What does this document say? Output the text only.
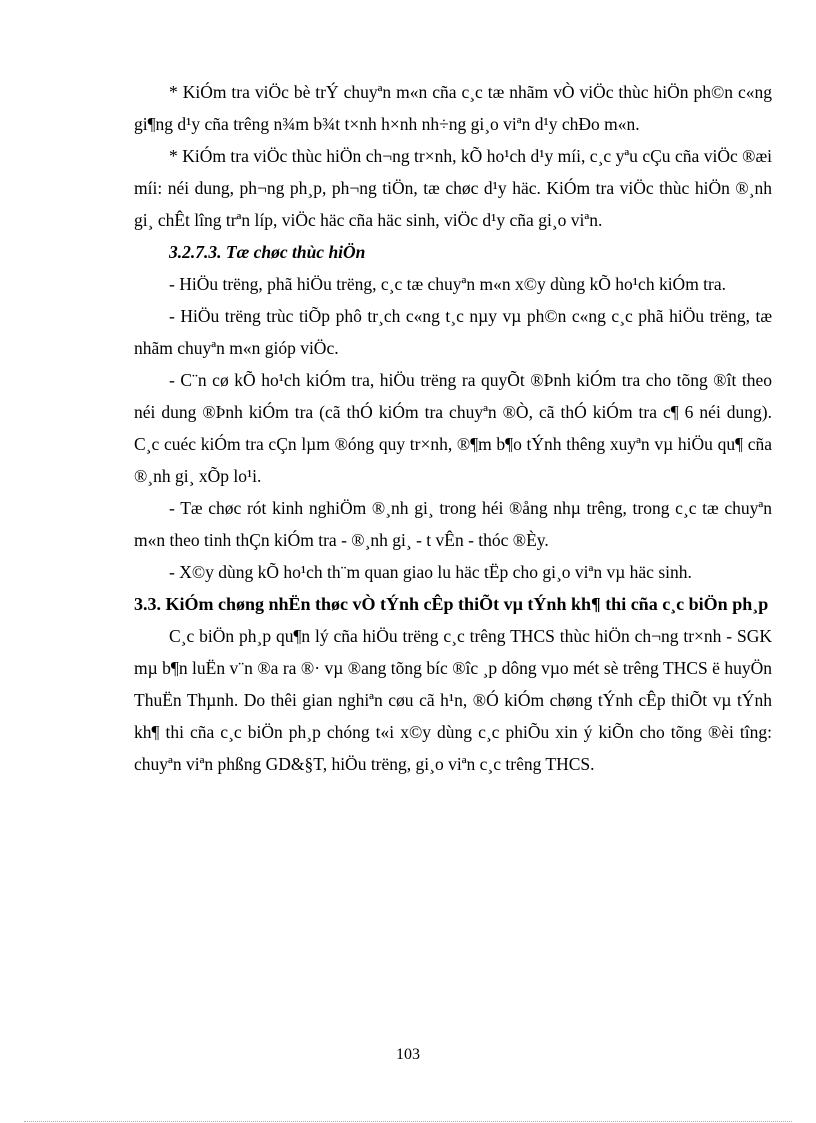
* KiÓm tra viÖc bè trÝ chuyªn m«n cña c¸c tæ nhãm vÒ viÖc thùc hiÖn ph©n c«ng gi¶ng d¹y cña trêng n¾m b¾t t×nh h×nh nh÷ng gi¸o viªn d¹y chÐo m«n.

* KiÓm tra viÖc thùc hiÖn ch¬ng tr×nh, kÕ ho¹ch d¹y míi, c¸c yªu cÇu cña viÖc ®æi míi: néi dung, ph¬ng ph¸p, ph¬ng tiÖn, tæ chøc d¹y häc. KiÓm tra viÖc thùc hiÖn ®¸nh gi¸ chÊt lîng trªn líp, viÖc häc cña häc sinh, viÖc d¹y cña gi¸o viªn.

3.2.7.3. Tæ chøc thùc hiÖn

- HiÖu trëng, phã hiÖu trëng, c¸c tæ chuyªn m«n x©y dùng kÕ ho¹ch kiÓm tra.

- HiÖu trëng trùc tiÕp phô tr¸ch c«ng t¸c nµy vµ ph©n c«ng c¸c phã hiÖu trëng, tæ nhãm chuyªn m«n gióp viÖc.

- C¨n cø kÕ ho¹ch kiÓm tra, hiÖu trëng ra quyÕt ®Þnh kiÓm tra cho tõng ®ît theo néi dung ®Þnh kiÓm tra (cã thÓ kiÓm tra chuyªn ®Ò, cã thÓ kiÓm tra c¶ 6 néi dung). C¸c cuéc kiÓm tra cÇn lµm ®óng quy tr×nh, ®¶m b¶o tÝnh thêng xuyªn vµ hiÖu qu¶ cña ®¸nh gi¸ xÕp lo¹i.

- Tæ chøc rót kinh nghiÖm ®¸nh gi¸ trong héi ®ång nhµ trêng, trong c¸c tæ chuyªn m«n theo tinh thÇn kiÓm tra - ®¸nh gi¸ - t vÊn - thóc ®Èy.

- X©y dùng kÕ ho¹ch th¨m quan giao lu häc tËp cho gi¸o viªn vµ häc sinh.

3.3. KiÓm chøng nhËn thøc vÒ tÝnh cÊp thiÕt vµ tÝnh kh¶ thi cña c¸c biÖn ph¸p

C¸c biÖn ph¸p qu¶n lý cña hiÖu trëng c¸c trêng THCS thùc hiÖn ch¬ng tr×nh - SGK mµ b¶n luËn v¨n ®a ra ®· vµ ®ang tõng bíc ®îc ¸p dông vµo mét sè trêng THCS ë huyÖn ThuËn Thµnh. Do thêi gian nghiªn cøu cã h¹n, ®Ó kiÓm chøng tÝnh cÊp thiÕt vµ tÝnh kh¶ thi cña c¸c biÖn ph¸p chóng t«i x©y dùng c¸c phiÕu xin ý kiÕn cho tõng ®èi tîng: chuyªn viªn phßng GD&§T, hiÖu trëng, gi¸o viªn c¸c trêng THCS.

103
